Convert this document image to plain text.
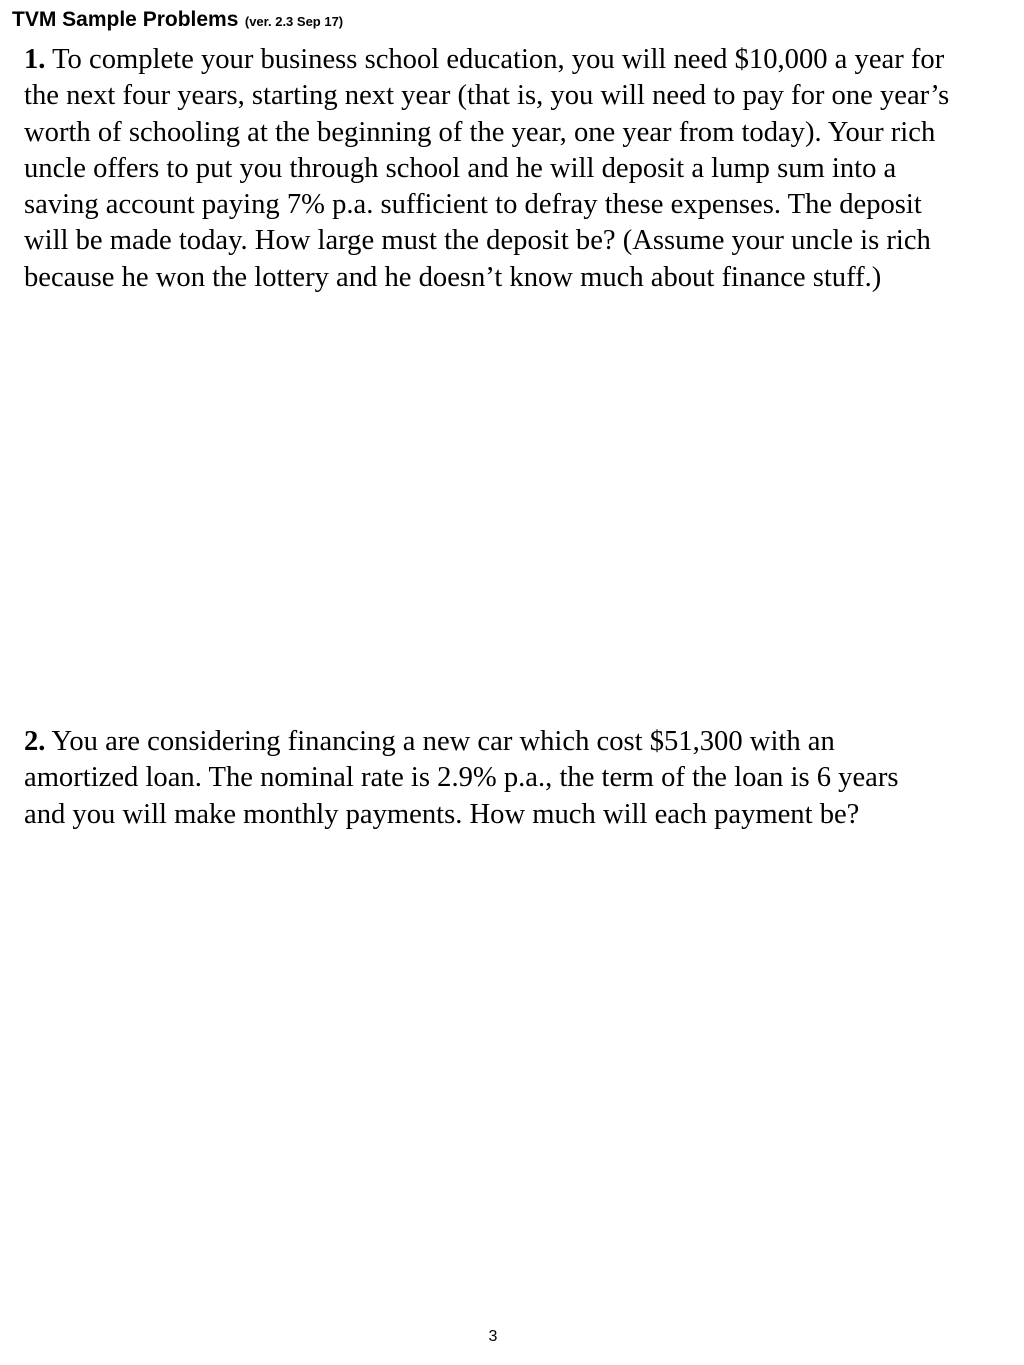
TVM Sample Problems (ver. 2.3 Sep 17)
1. To complete your business school education, you will need $10,000 a year for
the next four years, starting next year (that is, you will need to pay for one year’s
worth of schooling at the beginning of the year, one year from today). Your rich
uncle offers to put you through school and he will deposit a lump sum into a
saving account paying 7% p.a. sufficient to defray these expenses. The deposit
will be made today. How large must the deposit be? (Assume your uncle is rich
because he won the lottery and he doesn’t know much about finance stuff.)
2. You are considering financing a new car which cost $51,300 with an
amortized loan. The nominal rate is 2.9% p.a., the term of the loan is 6 years
and you will make monthly payments. How much will each payment be?
3
